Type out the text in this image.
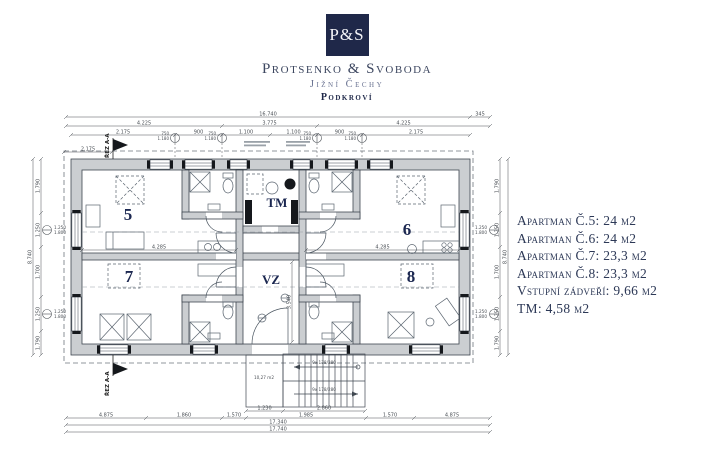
P&S
Protsenko & Svoboda
Jižní Čechy
Podkroví
Apartman Č.5: 24 m2
Apartman Č.6: 24 m2
Apartman Č.7: 23,3 m2
Apartman Č.8: 23,3 m2
Vstupní zádveří: 9,66 m2
TM: 4,58 m2
9x 178/280
9x 178/280
10,27 m2
ŘEZ A-A
ŘEZ A-A
5
6
7	8
TM
VZ
16.740	345
4.225	3.775	4.225
2.175	900	1.100	1.100	900	2.175
2.175
4.285	4.285
3.540
1.230	2.860
4.875	1.860	1.570	1.985	1.570	4.875
17.340
17.740
8.740
1.790
1.250
1.700
1.250
1.790
1.790
1.250
1.700
1.250
1.790
8.740
1.250
1.800
1.250
1.800
1.250
1.800
1.250
1.800
750
1.180
750
1.180
750
1.180
750
1.180
